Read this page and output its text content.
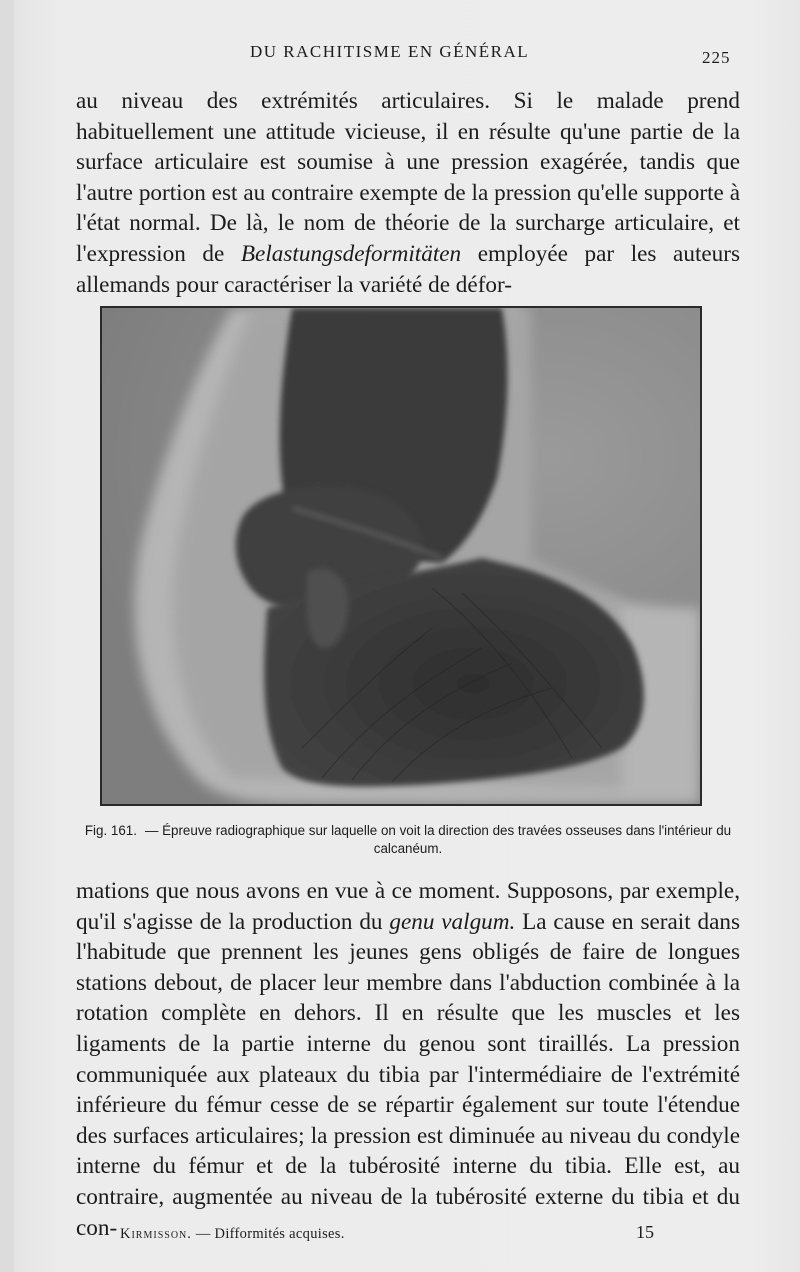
DU RACHITISME EN GÉNÉRAL	225

au niveau des extrémités articulaires. Si le malade prend habituellement une attitude vicieuse, il en résulte qu'une partie de la surface articulaire est soumise à une pression exagérée, tandis que l'autre portion est au contraire exempte de la pression qu'elle supporte à l'état normal. De là, le nom de théorie de la surcharge articulaire, et l'expression de Belastungsdeformitäten employée par les auteurs allemands pour caractériser la variété de défor-

Fig. 161. — Épreuve radiographique sur laquelle on voit la direction des travées osseuses dans l'intérieur du calcanéum.

mations que nous avons en vue à ce moment. Supposons, par exemple, qu'il s'agisse de la production du genu valgum. La cause en serait dans l'habitude que prennent les jeunes gens obligés de faire de longues stations debout, de placer leur membre dans l'abduction combinée à la rotation complète en dehors. Il en résulte que les muscles et les ligaments de la partie interne du genou sont tiraillés. La pression communiquée aux plateaux du tibia par l'intermédiaire de l'extrémité inférieure du fémur cesse de se répartir également sur toute l'étendue des surfaces articulaires; la pression est diminuée au niveau du condyle interne du fémur et de la tubérosité interne du tibia. Elle est, au contraire, augmentée au niveau de la tubérosité externe du tibia et du con- Kirmisson. — Difformités acquises.	15
